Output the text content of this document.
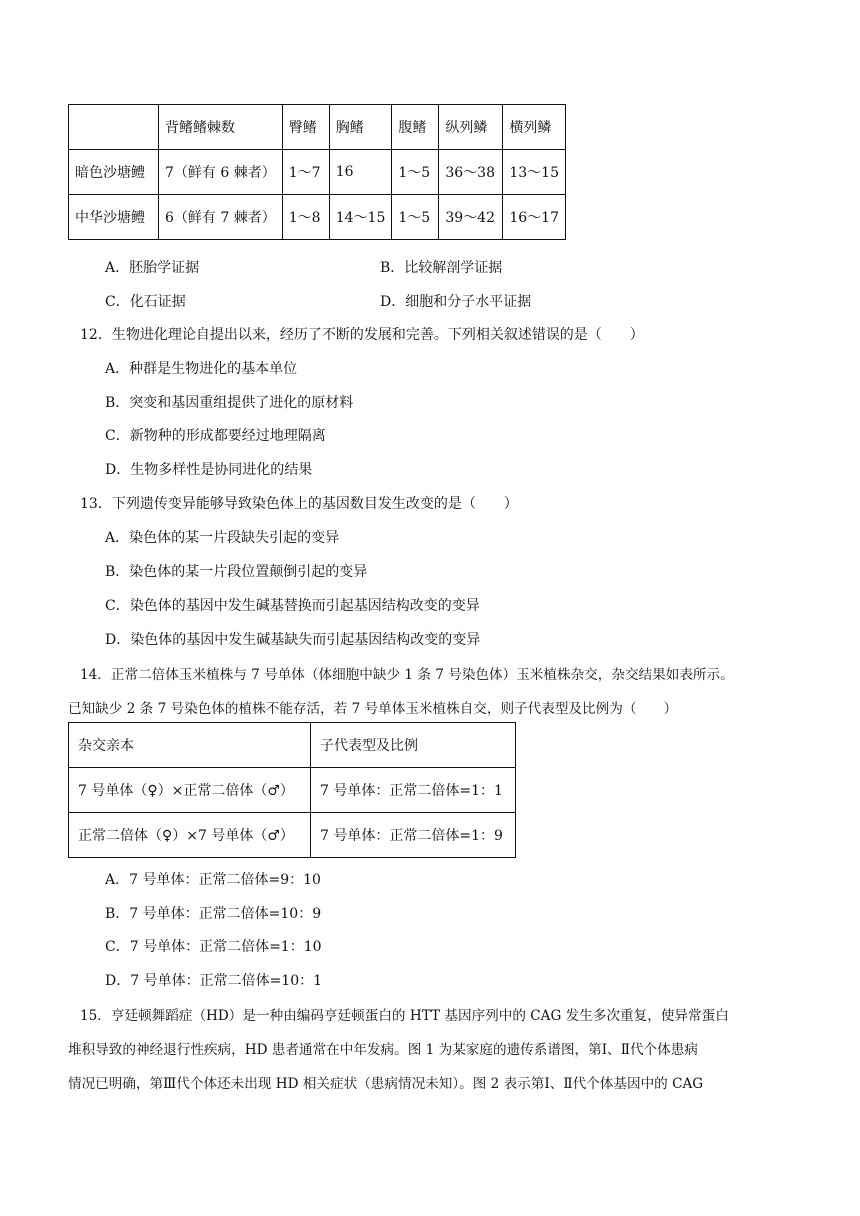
	背鳍鳍棘数	臀鳍	胸鳍	腹鳍	纵列鳞	横列鳞
暗色沙塘鳢	7（鲜有 6 棘者）	1～7	16	1～5	36～38	13～15
中华沙塘鳢	6（鲜有 7 棘者）	1～8	14～15	1～5	39～42	16～17
A．胚胎学证据	B．比较解剖学证据
C．化石证据	D．细胞和分子水平证据
12．生物进化理论自提出以来，经历了不断的发展和完善。下列相关叙述错误的是（　　）
A．种群是生物进化的基本单位
B．突变和基因重组提供了进化的原材料
C．新物种的形成都要经过地理隔离
D．生物多样性是协同进化的结果
13．下列遗传变异能够导致染色体上的基因数目发生改变的是（　　）
A．染色体的某一片段缺失引起的变异
B．染色体的某一片段位置颠倒引起的变异
C．染色体的基因中发生碱基替换而引起基因结构改变的变异
D．染色体的基因中发生碱基缺失而引起基因结构改变的变异
14．正常二倍体玉米植株与 7 号单体（体细胞中缺少 1 条 7 号染色体）玉米植株杂交，杂交结果如表所示。
已知缺少 2 条 7 号染色体的植株不能存活，若 7 号单体玉米植株自交，则子代表型及比例为（　　）
杂交亲本	子代表型及比例
7 号单体（♀）×正常二倍体（♂）	7 号单体：正常二倍体=1：1
正常二倍体（♀）×7 号单体（♂）	7 号单体：正常二倍体=1：9
A．7 号单体：正常二倍体=9：10
B．7 号单体：正常二倍体=10：9
C．7 号单体：正常二倍体=1：10
D．7 号单体：正常二倍体=10：1
15．亨廷顿舞蹈症（HD）是一种由编码亨廷顿蛋白的 HTT 基因序列中的 CAG 发生多次重复，使异常蛋白
堆积导致的神经退行性疾病，HD 患者通常在中年发病。图 1 为某家庭的遗传系谱图，第Ⅰ、Ⅱ代个体患病
情况已明确，第Ⅲ代个体还未出现 HD 相关症状（患病情况未知）。图 2 表示第Ⅰ、Ⅱ代个体基因中的 CAG
